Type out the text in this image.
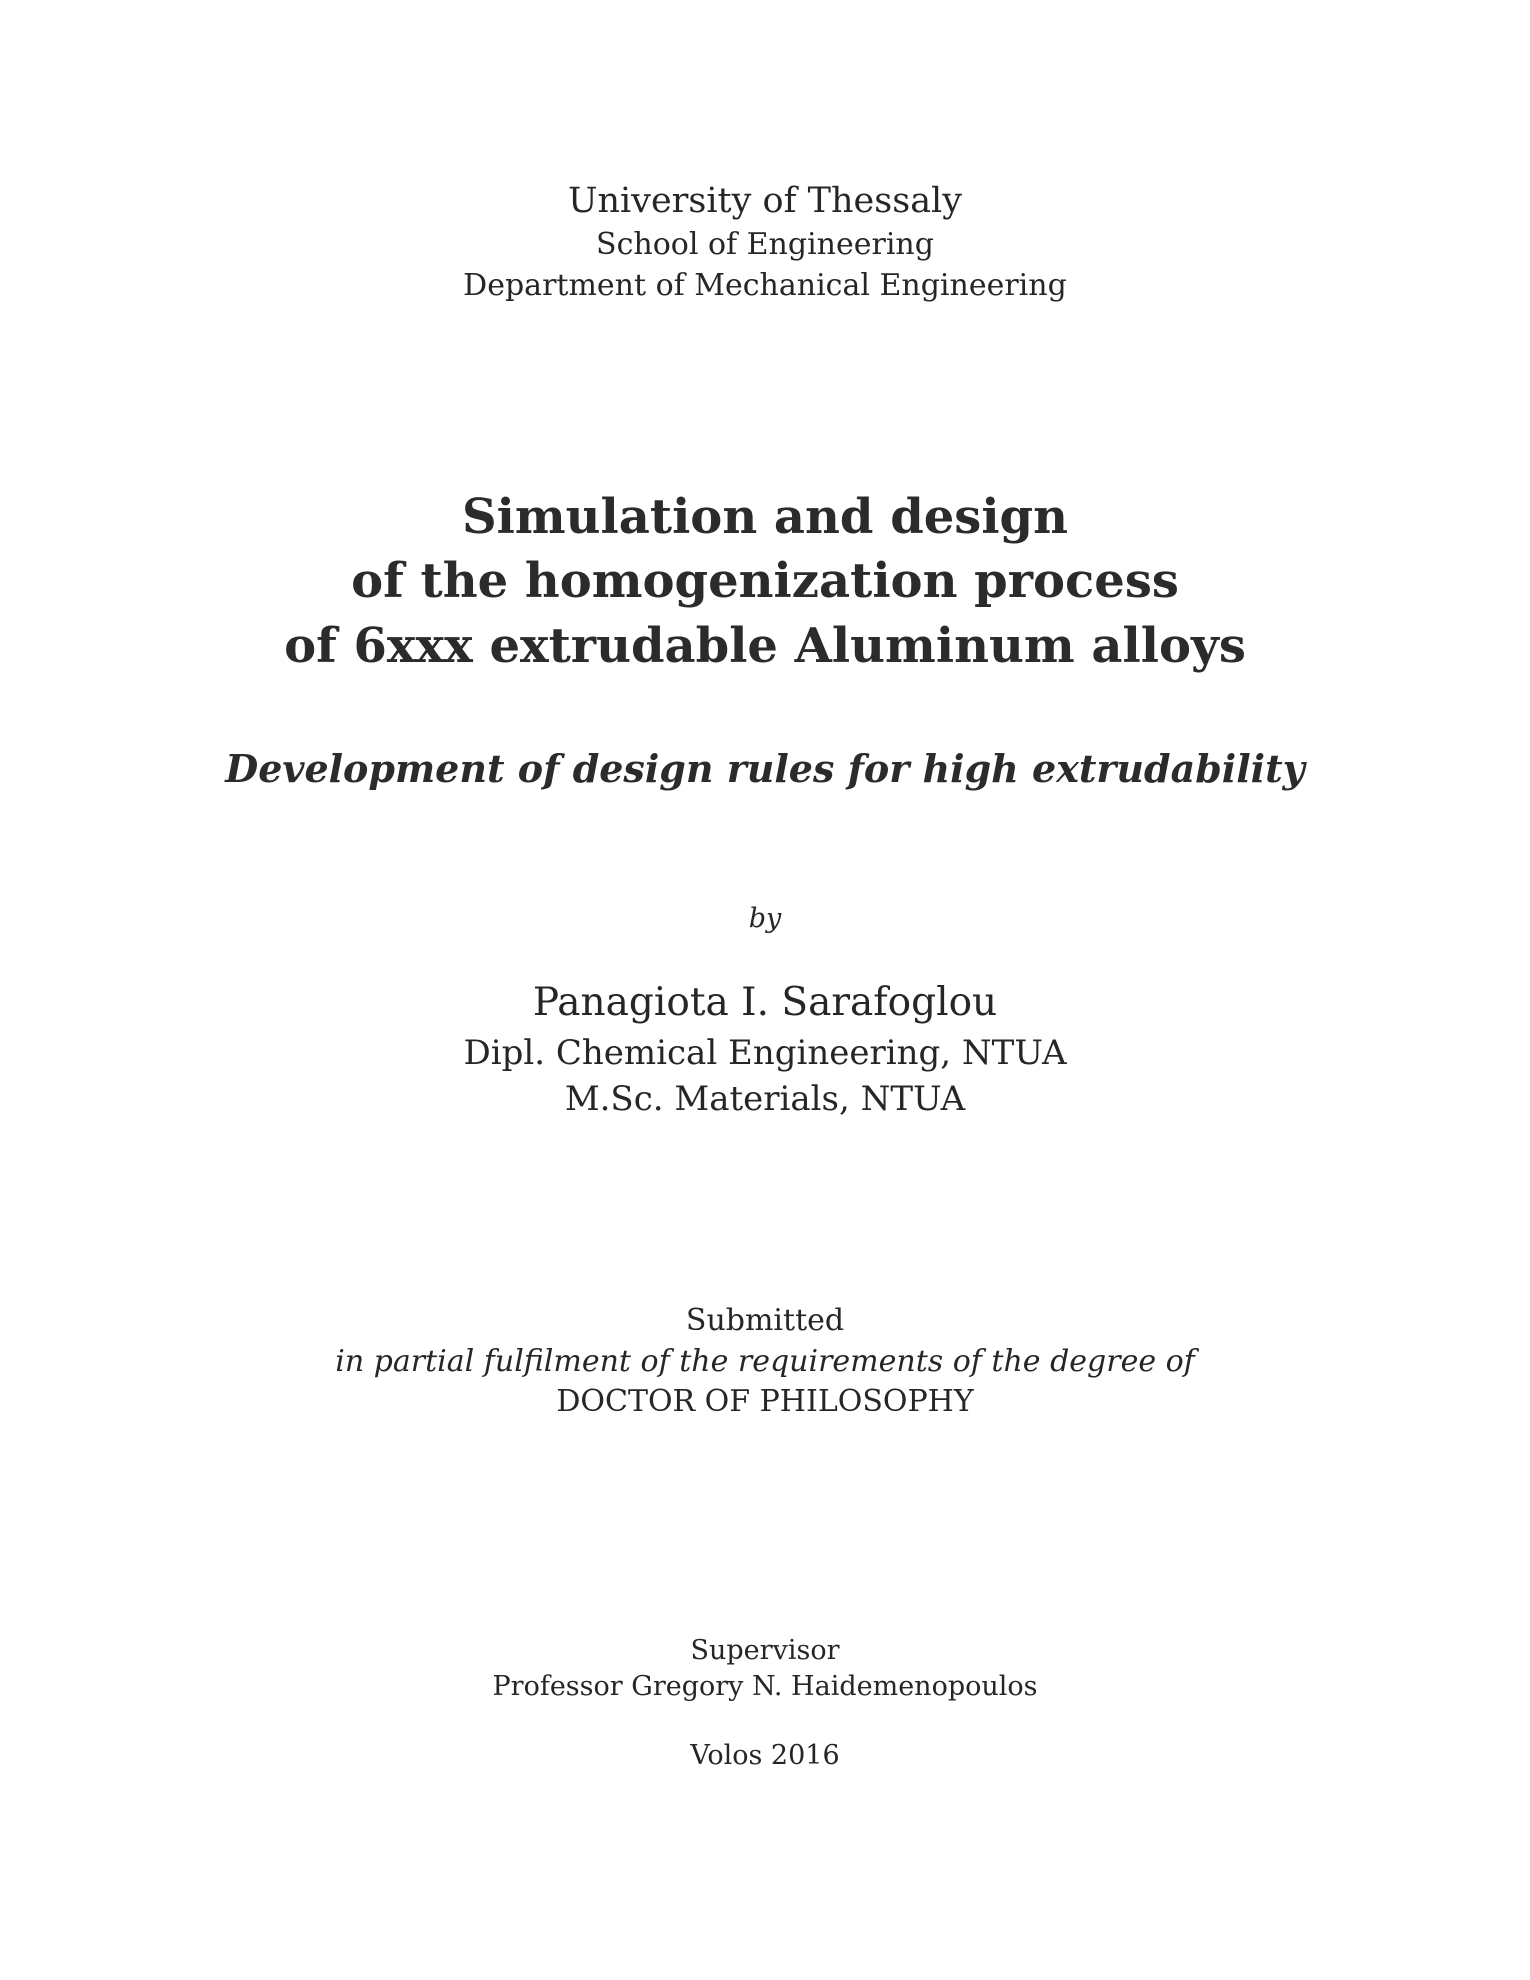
University of Thessaly

School of Engineering

Department of Mechanical Engineering

Simulation and design
of the homogenization process
of 6xxx extrudable Aluminum alloys
Development of design rules for high extrudability

by

Panagiota I. Sarafoglou

Dipl. Chemical Engineering, NTUA

M.Sc. Materials, NTUA

Submitted

in partial fulfilment of the requirements of the degree of

DOCTOR OF PHILOSOPHY

Supervisor

Professor Gregory N. Haidemenopoulos

Volos 2016
